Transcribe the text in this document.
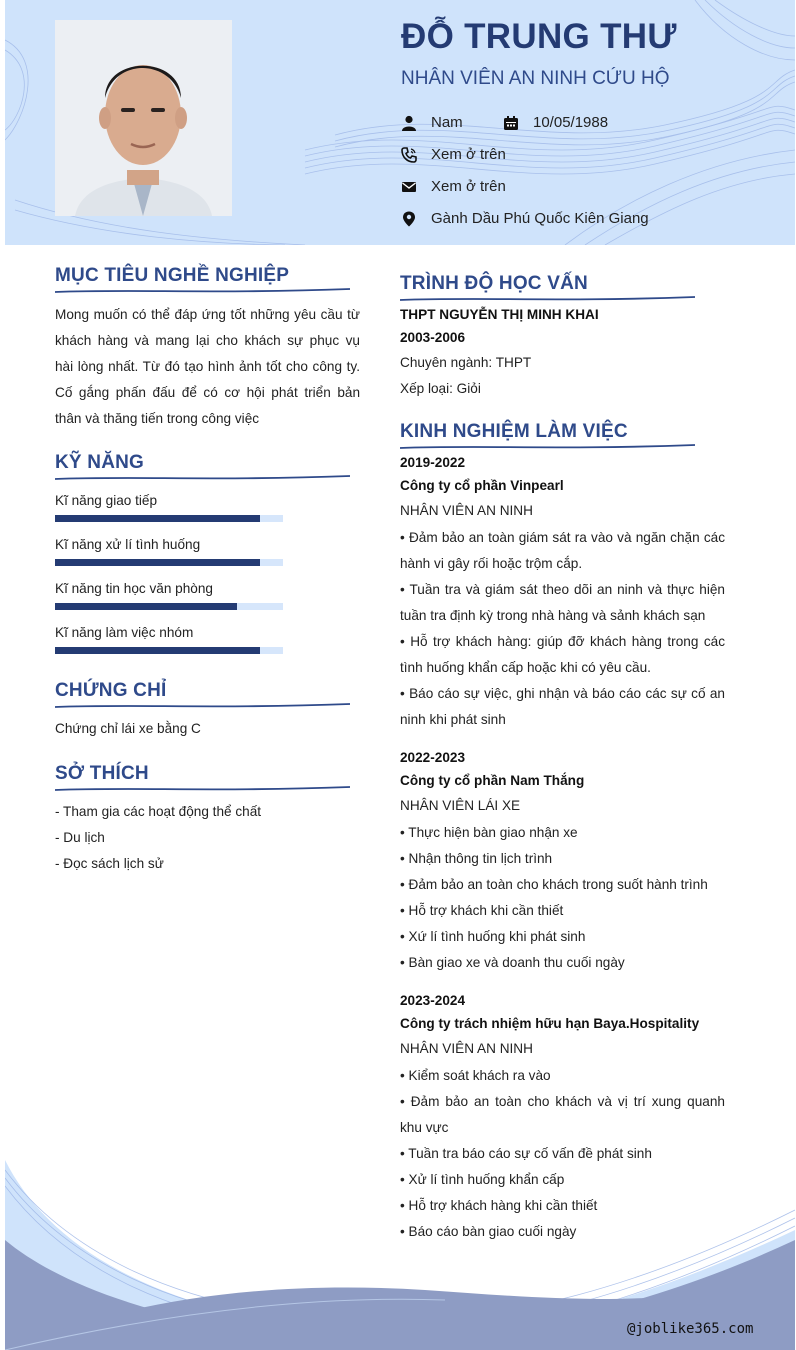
ĐỖ TRUNG THƯ
NHÂN VIÊN AN NINH CỨU HỘ
Nam	10/05/1988
Xem ở trên
Xem ở trên
Gành Dầu Phú Quốc Kiên Giang
MỤC TIÊU NGHỀ NGHIỆP
Mong muốn có thể đáp ứng tốt những yêu cầu từ
khách hàng và mang lại cho khách sự phục vụ
hài lòng nhất. Từ đó tạo hình ảnh tốt cho công ty.
Cố gắng phấn đấu để có cơ hội phát triển bản
thân và thăng tiến trong công việc
KỸ NĂNG
Kĩ năng giao tiếp
Kĩ năng xử lí tình huống
Kĩ năng tin học văn phòng
Kĩ năng làm việc nhóm
CHỨNG CHỈ
Chứng chỉ lái xe bằng C
SỞ THÍCH
- Tham gia các hoạt động thể chất
- Du lịch
- Đọc sách lịch sử
TRÌNH ĐỘ HỌC VẤN
THPT NGUYỄN THỊ MINH KHAI
2003-2006
Chuyên ngành: THPT
Xếp loại: Giỏi
KINH NGHIỆM LÀM VIỆC
2019-2022
Công ty cổ phần Vinpearl
NHÂN VIÊN AN NINH
• Đảm bảo an toàn giám sát ra vào và ngăn chặn các
hành vi gây rối hoặc trộm cắp.
• Tuần tra và giám sát theo dõi an ninh và thực hiện
tuần tra định kỳ trong nhà hàng và sảnh khách sạn
• Hỗ trợ khách hàng: giúp đỡ khách hàng trong các
tình huống khẩn cấp hoặc khi có yêu cầu.
• Báo cáo sự việc, ghi nhận và báo cáo các sự cố an
ninh khi phát sinh
2022-2023
Công ty cổ phần Nam Thắng
NHÂN VIÊN LÁI XE
• Thực hiện bàn giao nhận xe
• Nhận thông tin lịch trình
• Đảm bảo an toàn cho khách trong suốt hành trình
• Hỗ trợ khách khi cần thiết
• Xứ lí tình huống khi phát sinh
• Bàn giao xe và doanh thu cuối ngày
2023-2024
Công ty trách nhiệm hữu hạn Baya.Hospitality
NHÂN VIÊN AN NINH
• Kiểm soát khách ra vào
• Đảm bảo an toàn cho khách và vị trí xung quanh
khu vực
• Tuần tra báo cáo sự cố vấn đề phát sinh
• Xử lí tình huống khẩn cấp
• Hỗ trợ khách hàng khi cần thiết
• Báo cáo bàn giao cuối ngày
@joblike365.com
